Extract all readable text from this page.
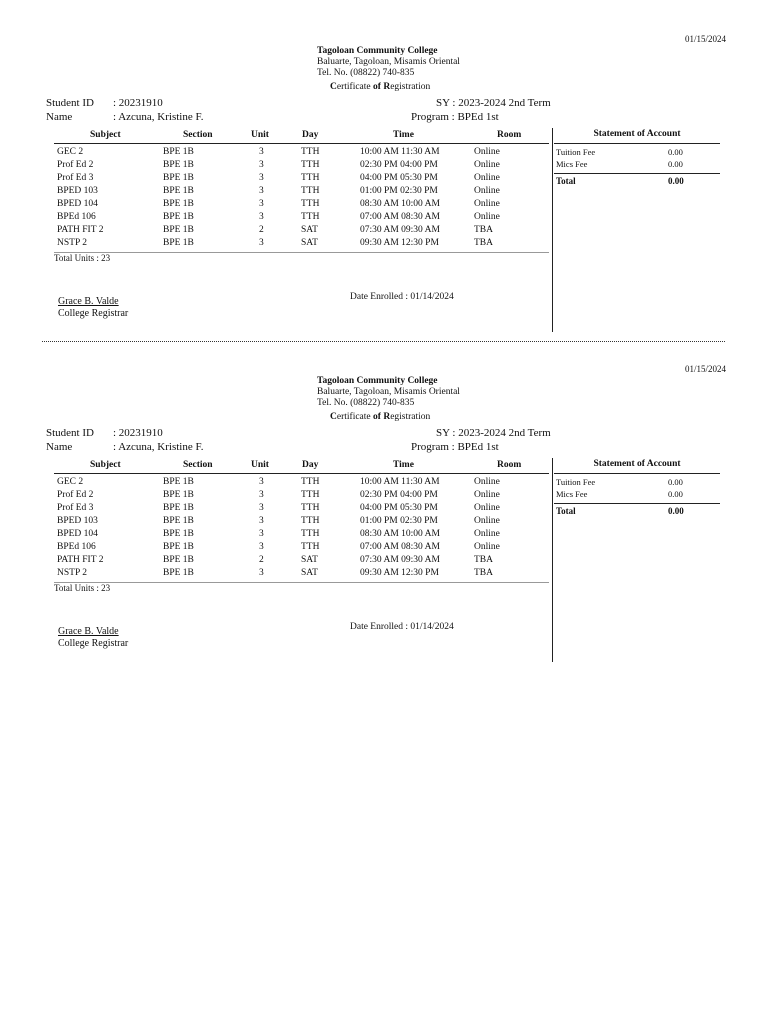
01/15/2024
Tagoloan Community College
Baluarte, Tagoloan, Misamis Oriental
Tel. No. (08822) 740-835
Certificate of Registration
Student ID : 20231910
Name	: Azcuna, Kristine F.
SY : 2023-2024 2nd Term
Program : BPEd 1st
Subject	Section	Unit	Day	Time	Room
GEC 2	BPE 1B	3	TTH	10:00 AM 11:30 AM	Online
Prof Ed 2	BPE 1B	3	TTH	02:30 PM 04:00 PM	Online
Prof Ed 3	BPE 1B	3	TTH	04:00 PM 05:30 PM	Online
BPED 103	BPE 1B	3	TTH	01:00 PM 02:30 PM	Online
BPED 104	BPE 1B	3	TTH	08:30 AM 10:00 AM	Online
BPEd 106	BPE 1B	3	TTH	07:00 AM 08:30 AM	Online
PATH FIT 2	BPE 1B	2	SAT	07:30 AM 09:30 AM	TBA
NSTP 2	BPE 1B	3	SAT	09:30 AM 12:30 PM	TBA
Total Units : 23
Statement of Account
Tuition Fee	0.00
Mics Fee	0.00
Total	0.00
Grace B. Valde
College Registrar
Date Enrolled : 01/14/2024
01/15/2024
Tagoloan Community College
Baluarte, Tagoloan, Misamis Oriental
Tel. No. (08822) 740-835
Certificate of Registration
Student ID : 20231910
Name	: Azcuna, Kristine F.
SY : 2023-2024 2nd Term
Program : BPEd 1st
Subject	Section	Unit	Day	Time	Room
GEC 2	BPE 1B	3	TTH	10:00 AM 11:30 AM	Online
Prof Ed 2	BPE 1B	3	TTH	02:30 PM 04:00 PM	Online
Prof Ed 3	BPE 1B	3	TTH	04:00 PM 05:30 PM	Online
BPED 103	BPE 1B	3	TTH	01:00 PM 02:30 PM	Online
BPED 104	BPE 1B	3	TTH	08:30 AM 10:00 AM	Online
BPEd 106	BPE 1B	3	TTH	07:00 AM 08:30 AM	Online
PATH FIT 2	BPE 1B	2	SAT	07:30 AM 09:30 AM	TBA
NSTP 2	BPE 1B	3	SAT	09:30 AM 12:30 PM	TBA
Total Units : 23
Statement of Account
Tuition Fee	0.00
Mics Fee	0.00
Total	0.00
Grace B. Valde
College Registrar
Date Enrolled : 01/14/2024
